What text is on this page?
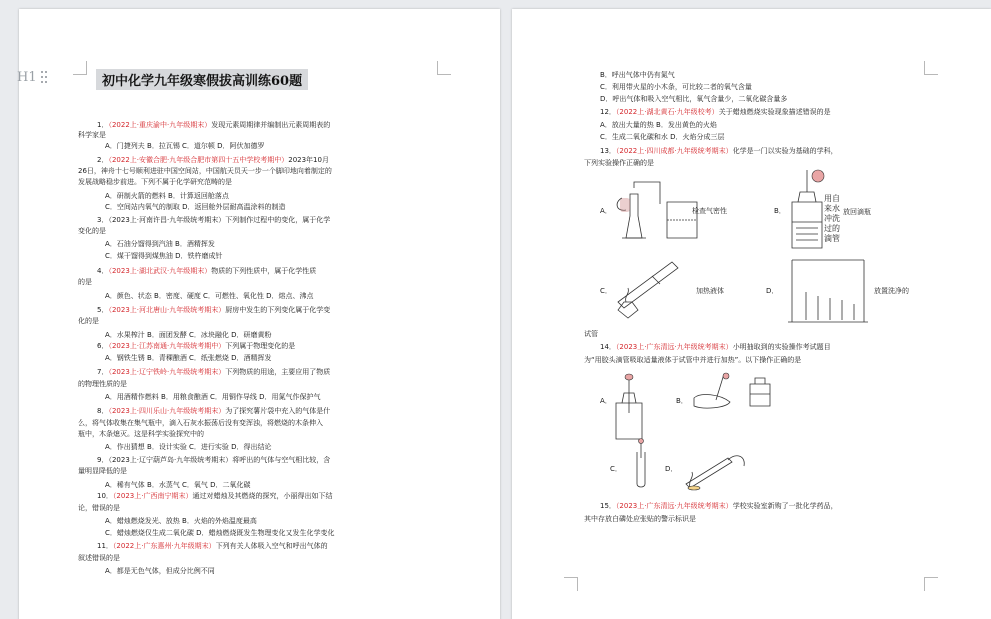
H1	初中化学九年级寒假拔高训练60题
1．（2022上·重庆渝中·九年级期末）发现元素周期律并编制出元素周期表的
科学家是
A．门捷列夫 B．拉瓦锡 C．道尔顿 D．阿伏加德罗
2．（2022上·安徽合肥·九年级合肥市第四十五中学校考期中）2023年10月
26日，神舟十七号顺利进驻中国空间站，中国航天员天一步一个脚印地向着制定的
发展战略稳步前进。下列不属于化学研究范畴的是
A．研制火箭的燃料 B．计算返回舱落点
C．空间站内氧气的制取 D．返回舱外层耐高温涂料的制造
3．（2023上·河南许昌·九年级统考期末）下列制作过程中的变化，属于化学
变化的是
A．石油分馏得到汽油 B．酒精挥发
C．煤干馏得到煤焦油 D．铁杵磨成针
4．（2023上·湖北武汉·九年级期末）物质的下列性质中，属于化学性质
的是
A．颜色、状态 B．密度、硬度 C．可燃性、氧化性 D．熔点、沸点
5．（2023上·河北唐山·九年级统考期末）厨房中发生的下列变化属于化学变
化的是
A．水果榨汁 B．面团发酵 C．冰块融化 D．研磨黄粉
6．（2023上·江苏南通·九年级统考期中）下列属于物理变化的是
A．钢铁生锈 B．青稞酿酒 C．纸张燃烧 D．酒精挥发
7．（2023上·辽宁铁岭·九年级统考期末）下列物质的用途，主要应用了物质
的物理性质的是
A．用酒精作燃料 B．用粮食酿酒 C．用铜作导线 D．用氮气作保护气
8．（2023上·四川乐山·九年级统考期末）为了探究薯片袋中充入的气体是什
么，将气体收集在集气瓶中，滴入石灰水振荡后没有变浑浊，将燃烧的木条伸入
瓶中，木条熄灭。这是科学实验探究中的
A．作出猜想 B．设计实验 C．进行实验 D．得出结论
9．（2023上·辽宁葫芦岛·九年级统考期末）将呼出的气体与空气相比较，含
量明显降低的是
A．稀有气体 B．水蒸气 C．氧气 D．二氧化碳
10．（2023上·广西南宁期末）通过对蜡烛及其燃烧的探究，小丽得出如下结
论，错误的是
A．蜡烛燃烧发光、放热 B．火焰的外焰温度最高
C．蜡烛燃烧仅生成二氧化碳 D．蜡烛燃烧既发生物理变化又发生化学变化
11．（2022上·广东惠州·九年级期末）下列有关人体吸入空气和呼出气体的
叙述错误的是
A．都是无色气体，但成分比例不同
B．呼出气体中仍有氮气
C．利用带火星的小木条，可比较二者的氧气含量
D．呼出气体和吸入空气相比，氧气含量少，二氧化碳含量多
12．（2022上·湖北黄石·九年级校考）关于蜡烛燃烧实验现象描述错误的是
A．放出大量的热 B．发出黄色的火焰
C．生成二氧化碳和水 D．火焰分成三层
13．（2022上·四川成都·九年级统考期末）化学是一门以实验为基础的学科，
下列实验操作正确的是
14．（2023上·广东清远·九年级统考期末）小明抽取到的实验操作考试题目
为“用胶头滴管吸取适量液体于试管中并进行加热”。以下操作正确的是
15．（2023上·广东清远·九年级统考期末）学校实验室新购了一批化学药品，
其中存放白磷处应张贴的警示标识是
A．	检查气密性	B．
用自来水冲洗过的滴管
放回滴瓶
C．	加热液体	D．	放置洗净的
试管
A．	B．
C．	D．
